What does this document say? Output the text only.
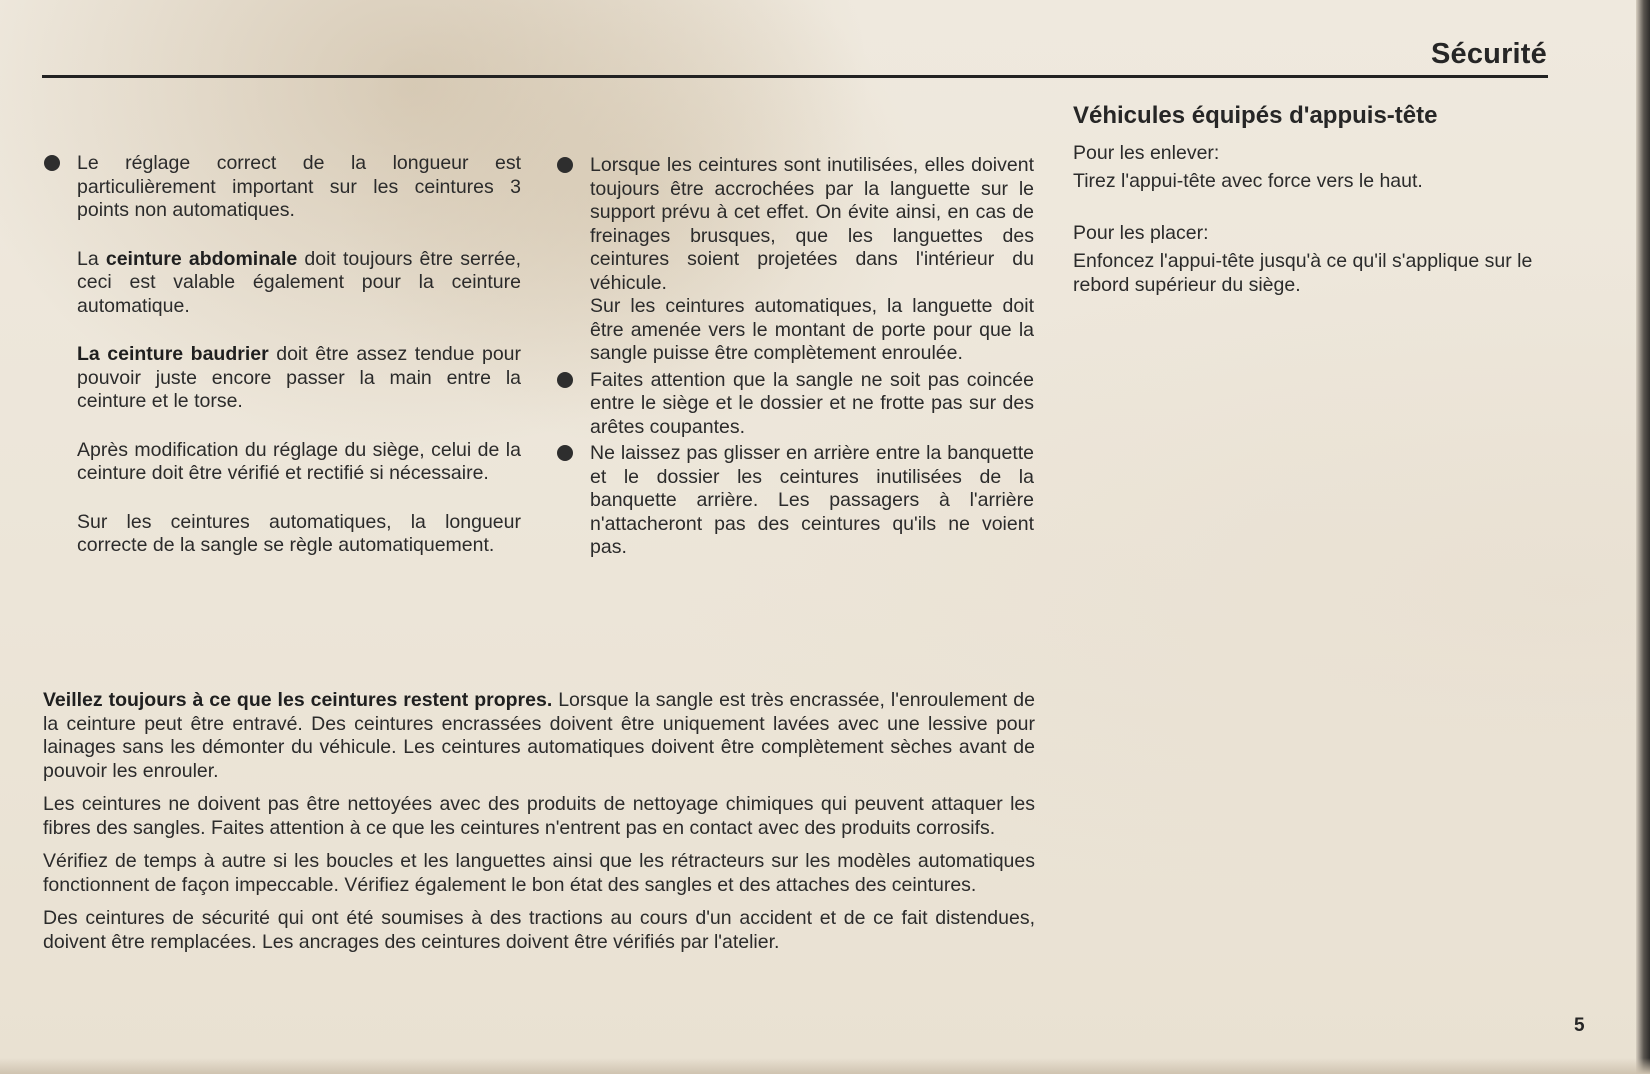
Sécurité

Le réglage correct de la longueur est particulièrement important sur les ceintures 3 points non automatiques.

La ceinture abdominale doit toujours être serrée, ceci est valable également pour la ceinture automatique.

La ceinture baudrier doit être assez tendue pour pouvoir juste encore passer la main entre la ceinture et le torse.

Après modification du réglage du siège, celui de la ceinture doit être vérifié et rectifié si nécessaire.

Sur les ceintures automatiques, la longueur correcte de la sangle se règle automatiquement.

Lorsque les ceintures sont inutilisées, elles doivent toujours être accrochées par la languette sur le support prévu à cet effet. On évite ainsi, en cas de freinages brusques, que les languettes des ceintures soient projetées dans l'intérieur du véhicule.

Sur les ceintures automatiques, la languette doit être amenée vers le montant de porte pour que la sangle puisse être complètement enroulée.

Faites attention que la sangle ne soit pas coincée entre le siège et le dossier et ne frotte pas sur des arêtes coupantes.

Ne laissez pas glisser en arrière entre la banquette et le dossier les ceintures inutilisées de la banquette arrière. Les passagers à l'arrière n'attacheront pas des ceintures qu'ils ne voient pas.

Véhicules équipés d'appuis-tête

Pour les enlever:

Tirez l'appui-tête avec force vers le haut.

Pour les placer:

Enfoncez l'appui-tête jusqu'à ce qu'il s'applique sur le rebord supérieur du siège.

Veillez toujours à ce que les ceintures restent propres. Lorsque la sangle est très encrassée, l'enroulement de la ceinture peut être entravé. Des ceintures encrassées doivent être uniquement lavées avec une lessive pour lainages sans les démonter du véhicule. Les ceintures automatiques doivent être complètement sèches avant de pouvoir les enrouler.

Les ceintures ne doivent pas être nettoyées avec des produits de nettoyage chimiques qui peuvent attaquer les fibres des sangles. Faites attention à ce que les ceintures n'entrent pas en contact avec des produits corrosifs.

Vérifiez de temps à autre si les boucles et les languettes ainsi que les rétracteurs sur les modèles automatiques fonctionnent de façon impeccable. Vérifiez également le bon état des sangles et des attaches des ceintures.

Des ceintures de sécurité qui ont été soumises à des tractions au cours d'un accident et de ce fait distendues, doivent être remplacées. Les ancrages des ceintures doivent être vérifiés par l'atelier.

5
